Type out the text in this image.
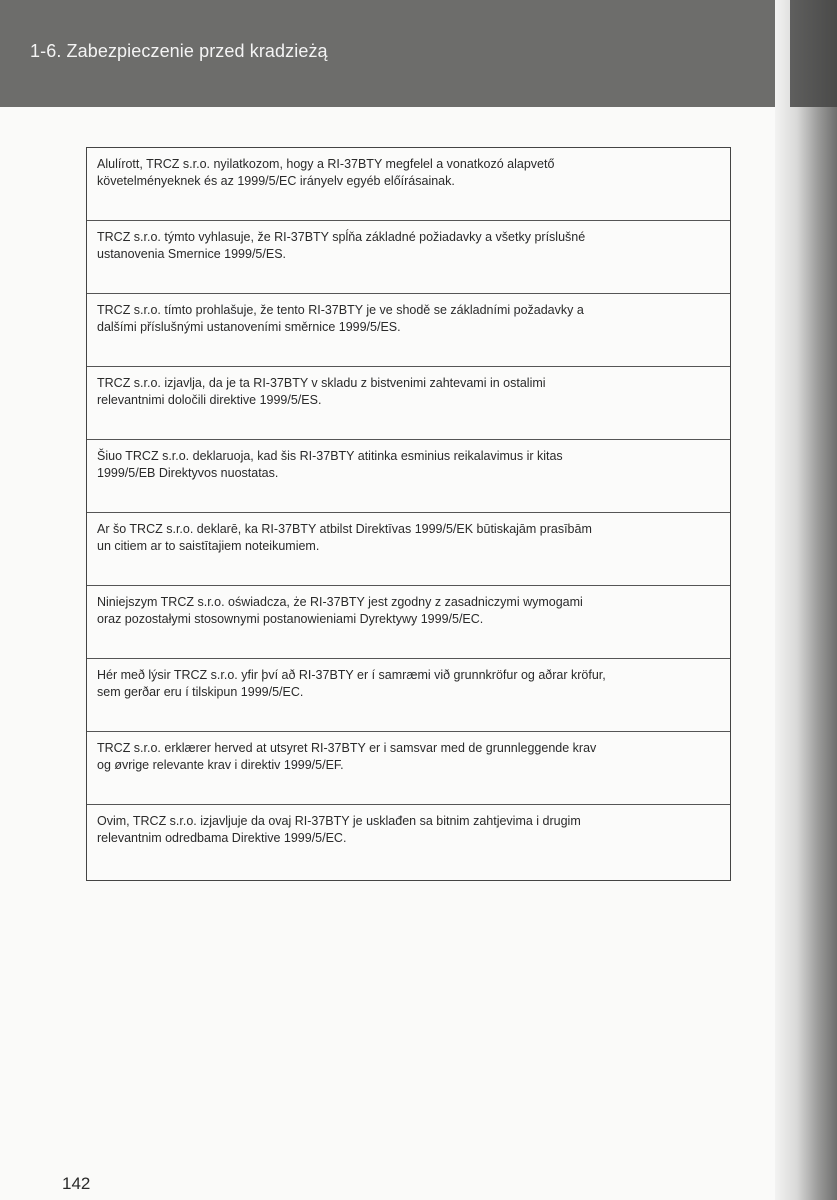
1-6. Zabezpieczenie przed kradzieżą
Alulírott, TRCZ s.r.o. nyilatkozom, hogy a RI-37BTY megfelel a vonatkozó alapvető
követelményeknek és az 1999/5/EC irányelv egyéb előírásainak.
TRCZ s.r.o. týmto vyhlasuje, že RI-37BTY spĺňa základné požiadavky a všetky príslušné
ustanovenia Smernice 1999/5/ES.
TRCZ s.r.o. tímto prohlašuje, že tento RI-37BTY je ve shodě se základními požadavky a
dalšími příslušnými ustanoveními směrnice 1999/5/ES.
TRCZ s.r.o. izjavlja, da je ta RI-37BTY v skladu z bistvenimi zahtevami in ostalimi
relevantnimi določili direktive 1999/5/ES.
Šiuo TRCZ s.r.o. deklaruoja, kad šis RI-37BTY atitinka esminius reikalavimus ir kitas
1999/5/EB Direktyvos nuostatas.
Ar šo TRCZ s.r.o. deklarē, ka RI-37BTY atbilst Direktīvas 1999/5/EK būtiskajām prasībām
un citiem ar to saistītajiem noteikumiem.
Niniejszym TRCZ s.r.o. oświadcza, że RI-37BTY jest zgodny z zasadniczymi wymogami
oraz pozostałymi stosownymi postanowieniami Dyrektywy 1999/5/EC.
Hér með lýsir TRCZ s.r.o. yfir því að RI-37BTY er í samræmi við grunnkröfur og aðrar kröfur,
sem gerðar eru í tilskipun 1999/5/EC.
TRCZ s.r.o. erklærer herved at utsyret RI-37BTY er i samsvar med de grunnleggende krav
og øvrige relevante krav i direktiv 1999/5/EF.
Ovim, TRCZ s.r.o. izjavljuje da ovaj RI-37BTY je usklađen sa bitnim zahtjevima i drugim
relevantnim odredbama Direktive 1999/5/EC.
142
